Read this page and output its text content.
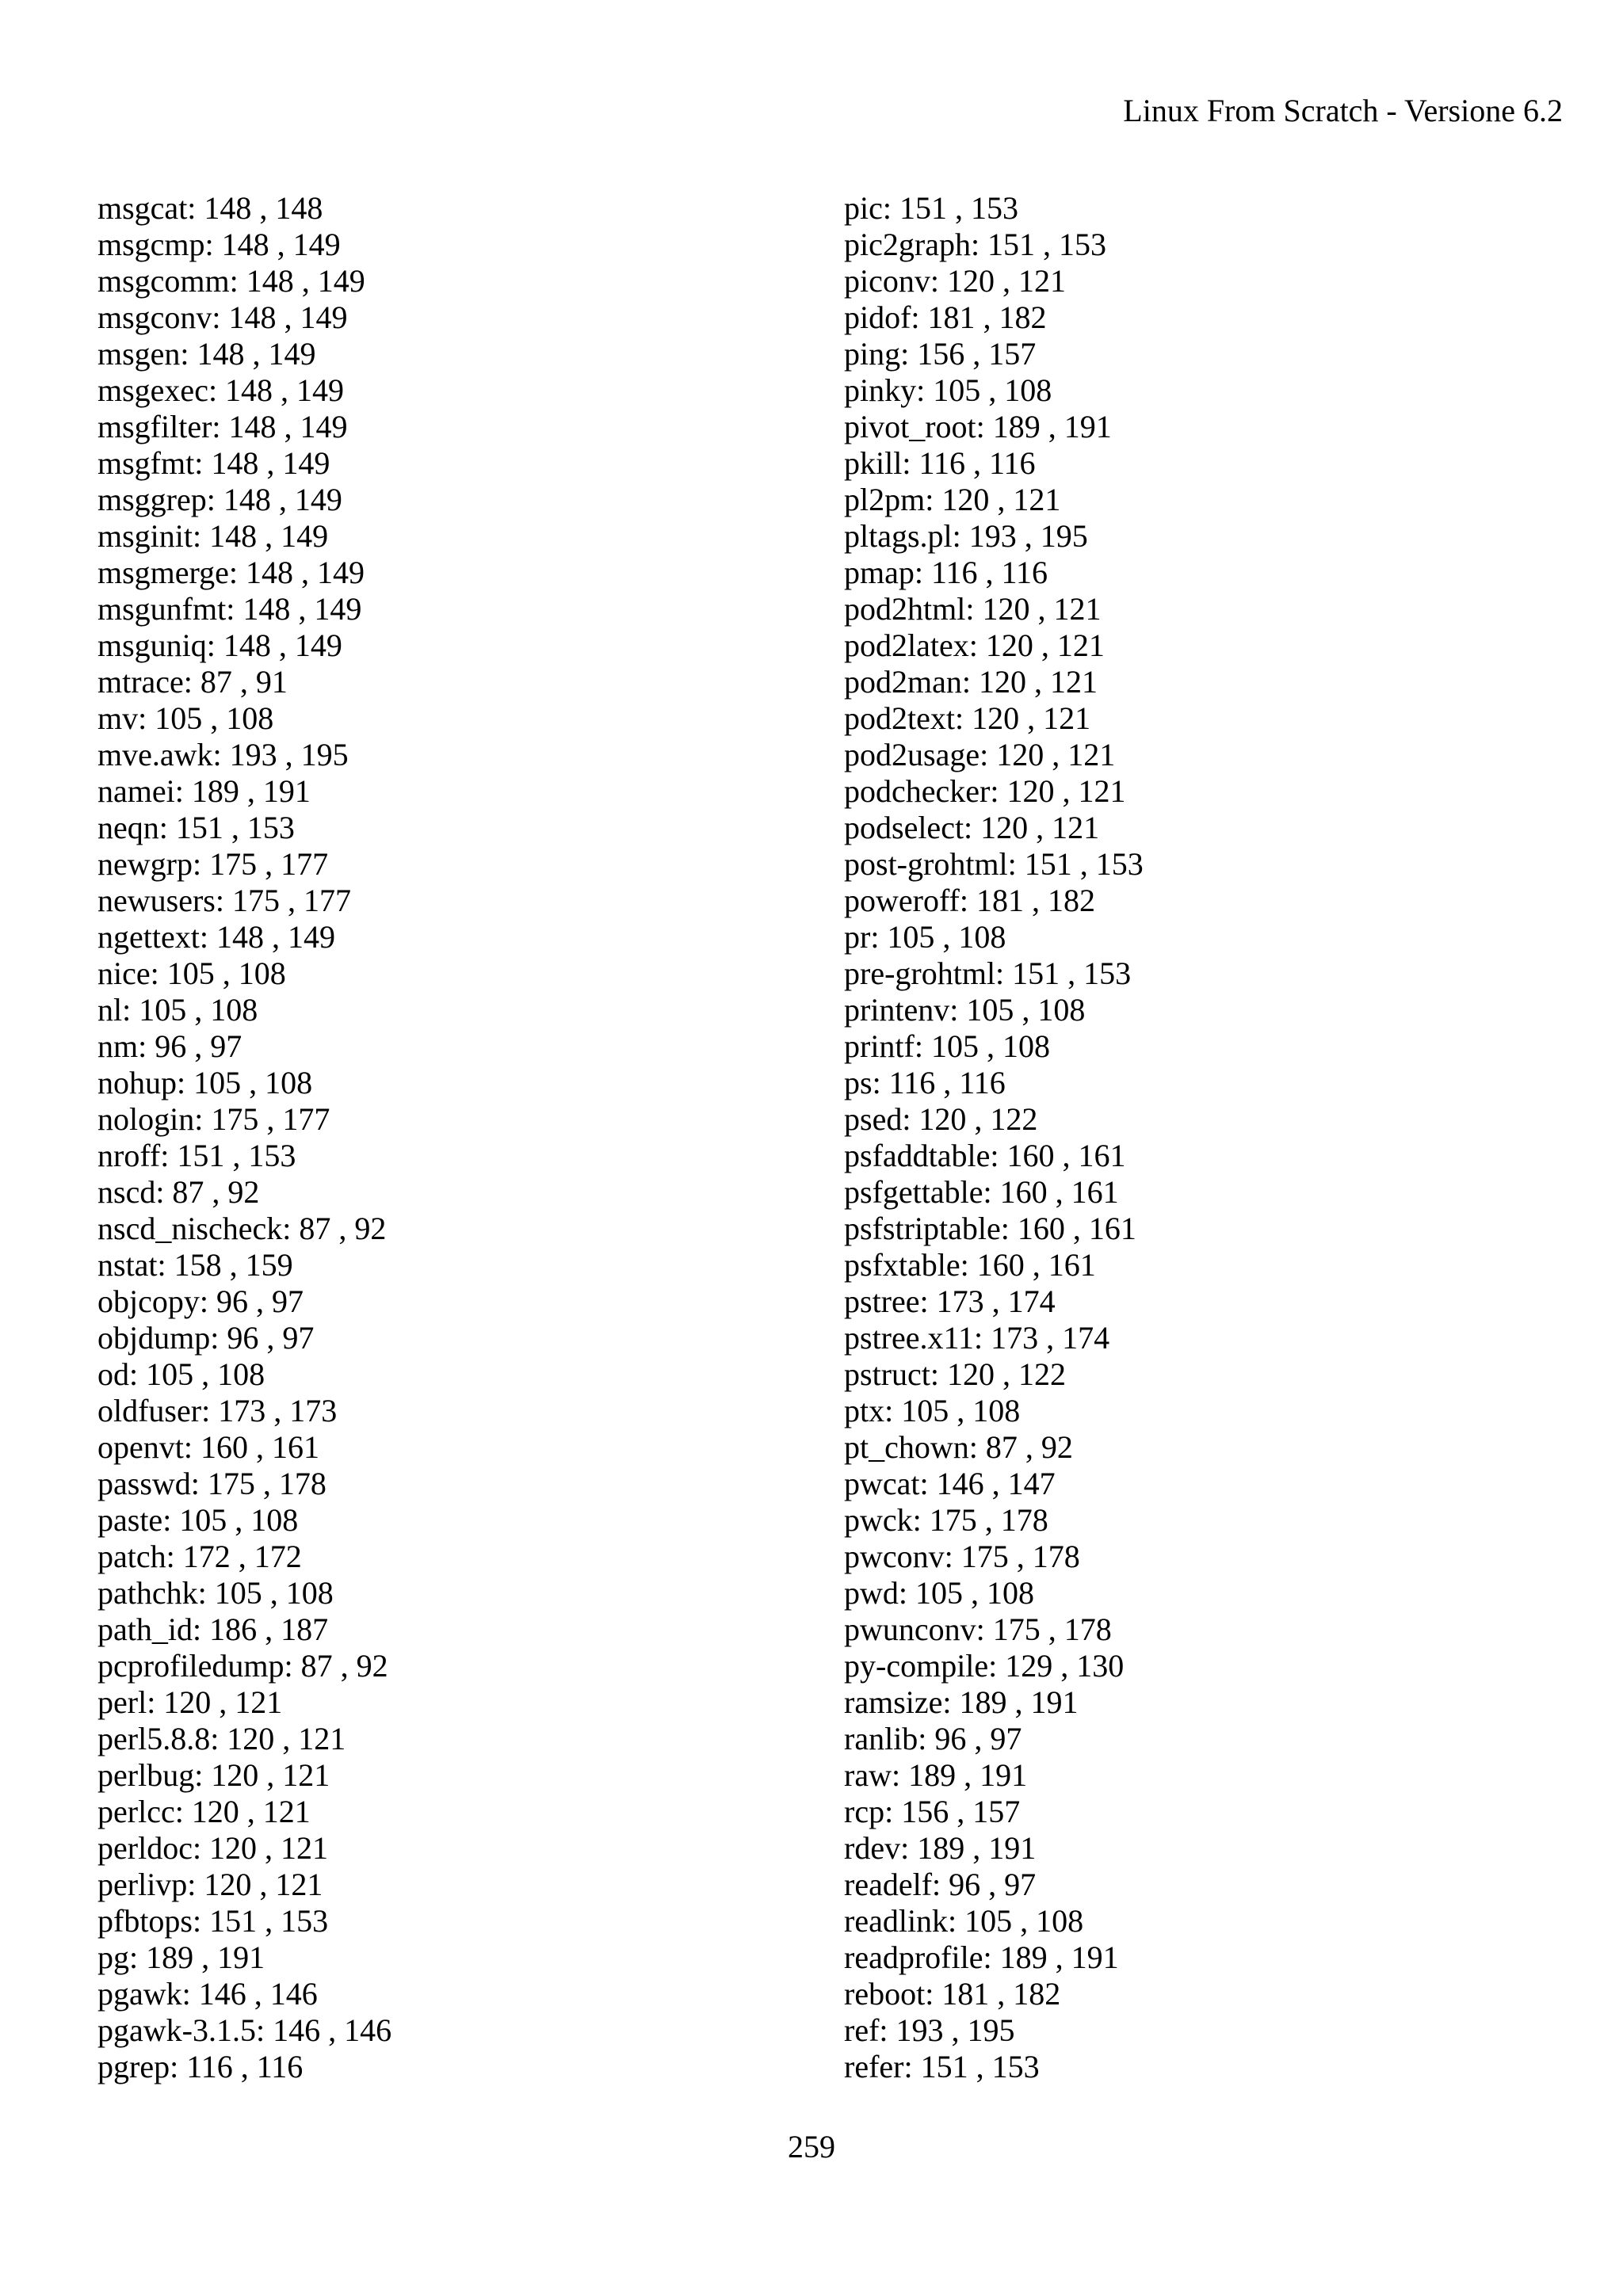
Linux From Scratch - Versione 6.2
msgcat: 148 , 148
msgcmp: 148 , 149
msgcomm: 148 , 149
msgconv: 148 , 149
msgen: 148 , 149
msgexec: 148 , 149
msgfilter: 148 , 149
msgfmt: 148 , 149
msggrep: 148 , 149
msginit: 148 , 149
msgmerge: 148 , 149
msgunfmt: 148 , 149
msguniq: 148 , 149
mtrace: 87 , 91
mv: 105 , 108
mve.awk: 193 , 195
namei: 189 , 191
neqn: 151 , 153
newgrp: 175 , 177
newusers: 175 , 177
ngettext: 148 , 149
nice: 105 , 108
nl: 105 , 108
nm: 96 , 97
nohup: 105 , 108
nologin: 175 , 177
nroff: 151 , 153
nscd: 87 , 92
nscd_nischeck: 87 , 92
nstat: 158 , 159
objcopy: 96 , 97
objdump: 96 , 97
od: 105 , 108
oldfuser: 173 , 173
openvt: 160 , 161
passwd: 175 , 178
paste: 105 , 108
patch: 172 , 172
pathchk: 105 , 108
path_id: 186 , 187
pcprofiledump: 87 , 92
perl: 120 , 121
perl5.8.8: 120 , 121
perlbug: 120 , 121
perlcc: 120 , 121
perldoc: 120 , 121
perlivp: 120 , 121
pfbtops: 151 , 153
pg: 189 , 191
pgawk: 146 , 146
pgawk-3.1.5: 146 , 146
pgrep: 116 , 116
pic: 151 , 153
pic2graph: 151 , 153
piconv: 120 , 121
pidof: 181 , 182
ping: 156 , 157
pinky: 105 , 108
pivot_root: 189 , 191
pkill: 116 , 116
pl2pm: 120 , 121
pltags.pl: 193 , 195
pmap: 116 , 116
pod2html: 120 , 121
pod2latex: 120 , 121
pod2man: 120 , 121
pod2text: 120 , 121
pod2usage: 120 , 121
podchecker: 120 , 121
podselect: 120 , 121
post-grohtml: 151 , 153
poweroff: 181 , 182
pr: 105 , 108
pre-grohtml: 151 , 153
printenv: 105 , 108
printf: 105 , 108
ps: 116 , 116
psed: 120 , 122
psfaddtable: 160 , 161
psfgettable: 160 , 161
psfstriptable: 160 , 161
psfxtable: 160 , 161
pstree: 173 , 174
pstree.x11: 173 , 174
pstruct: 120 , 122
ptx: 105 , 108
pt_chown: 87 , 92
pwcat: 146 , 147
pwck: 175 , 178
pwconv: 175 , 178
pwd: 105 , 108
pwunconv: 175 , 178
py-compile: 129 , 130
ramsize: 189 , 191
ranlib: 96 , 97
raw: 189 , 191
rcp: 156 , 157
rdev: 189 , 191
readelf: 96 , 97
readlink: 105 , 108
readprofile: 189 , 191
reboot: 181 , 182
ref: 193 , 195
refer: 151 , 153
259
